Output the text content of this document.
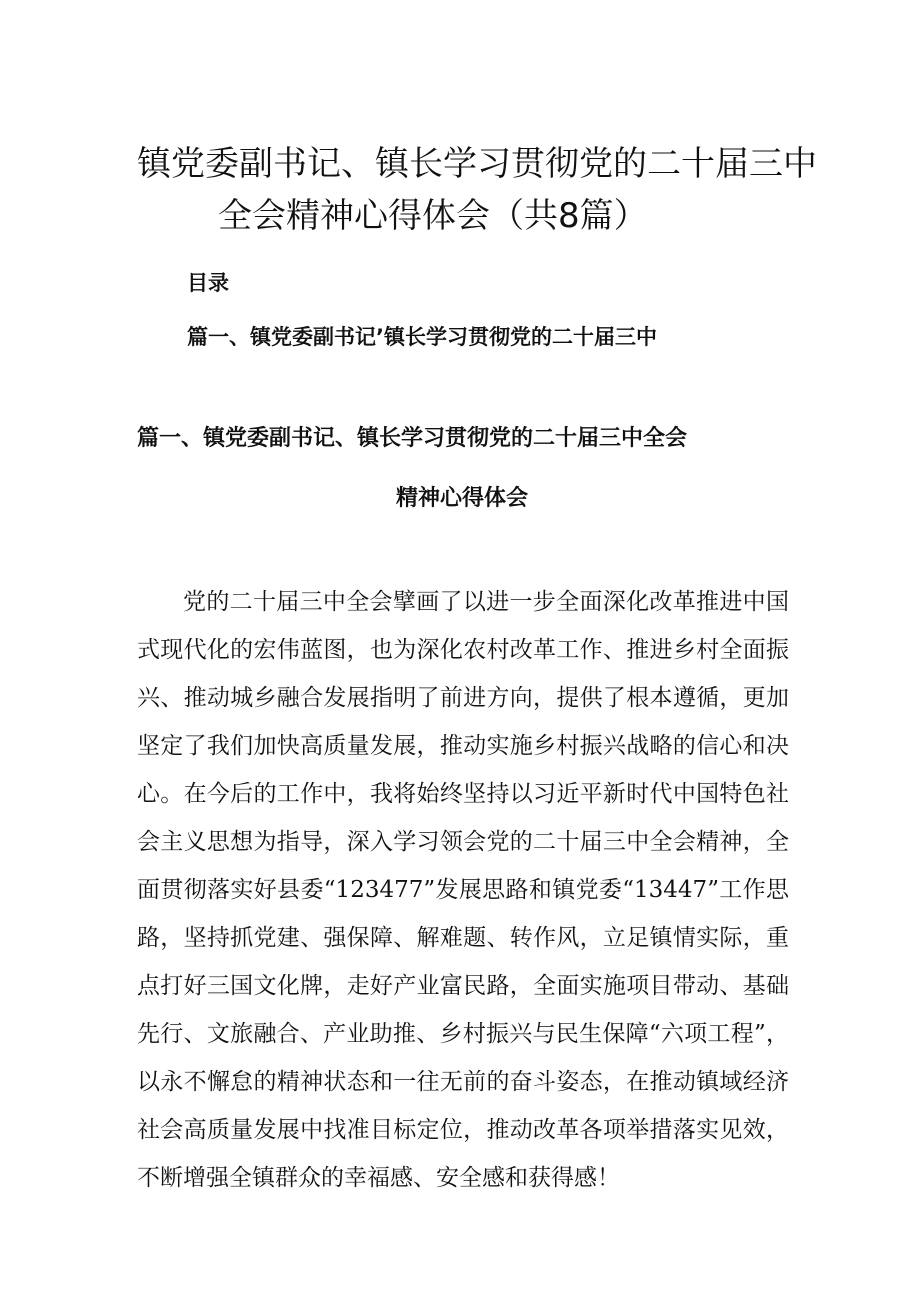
镇党委副书记、镇长学习贯彻党的二十届三中
全会精神心得体会（共8篇）
目录
篇一、镇党委副书记’镇长学习贯彻党的二十届三中
篇一、镇党委副书记、镇长学习贯彻党的二十届三中全会
精神心得体会

党的二十届三中全会擘画了以进一步全面深化改革推进中国式现代化的宏伟蓝图，也为深化农村改革工作、推进乡村全面振兴、推动城乡融合发展指明了前进方向，提供了根本遵循，更加坚定了我们加快高质量发展，推动实施乡村振兴战略的信心和决心。在今后的工作中，我将始终坚持以习近平新时代中国特色社会主义思想为指导，深入学习领会党的二十届三中全会精神，全面贯彻落实好县委“123477”发展思路和镇党委“13447”工作思路，坚持抓党建、强保障、解难题、转作风，立足镇情实际，重点打好三国文化牌，走好产业富民路，全面实施项目带动、基础先行、文旅融合、产业助推、乡村振兴与民生保障“六项工程”，以永不懈怠的精神状态和一往无前的奋斗姿态，在推动镇域经济社会高质量发展中找准目标定位，推动改革各项举措落实见效，不断增强全镇群众的幸福感、安全感和获得感！
